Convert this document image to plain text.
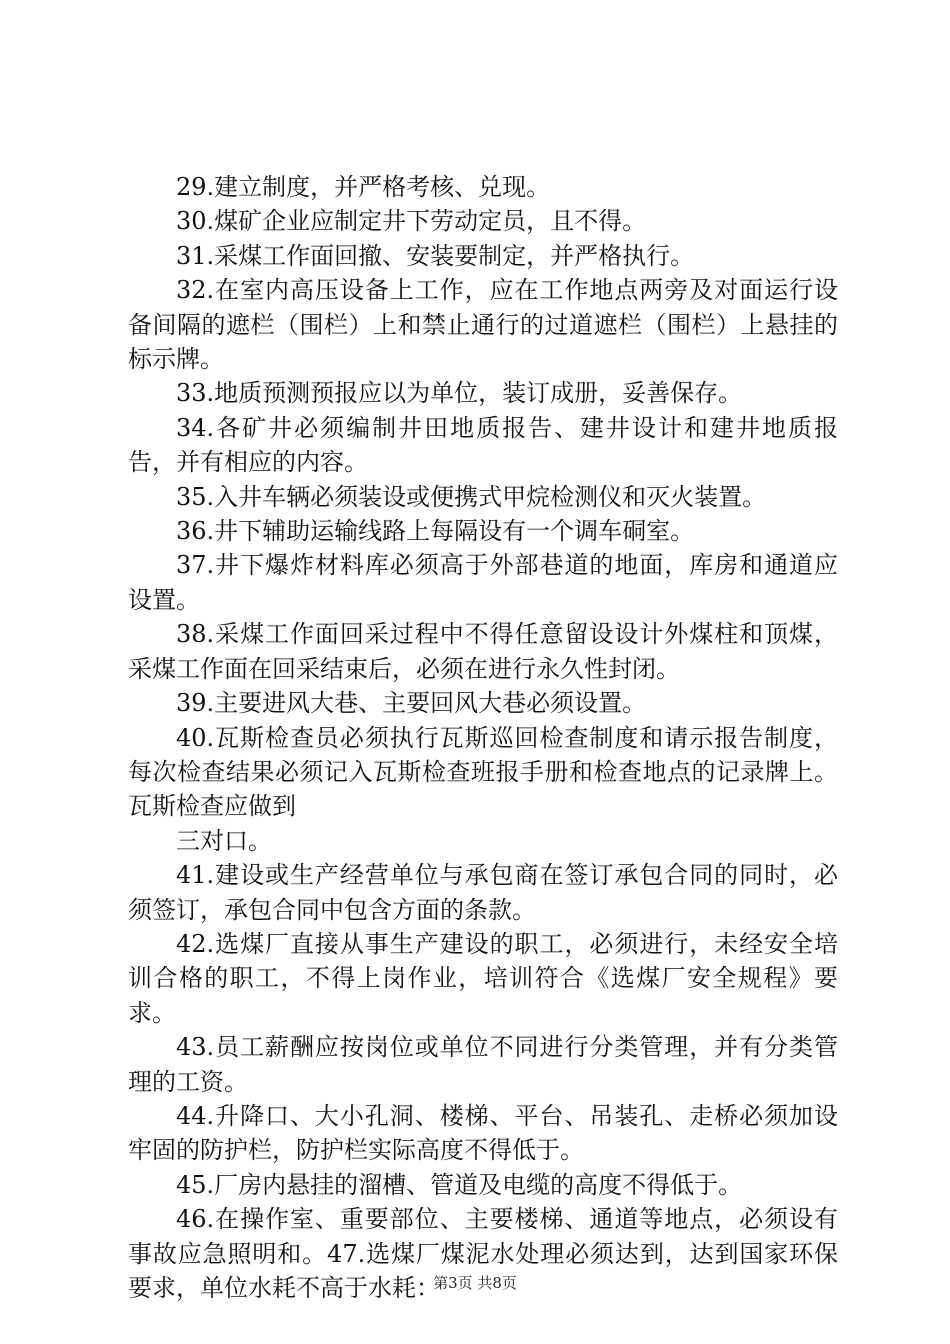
29.建立制度，并严格考核、兑现。

30.煤矿企业应制定井下劳动定员，且不得。

31.采煤工作面回撤、安装要制定，并严格执行。

32.在室内高压设备上工作，应在工作地点两旁及对面运行设备间隔的遮栏（围栏）上和禁止通行的过道遮栏（围栏）上悬挂的标示牌。

33.地质预测预报应以为单位，装订成册，妥善保存。

34.各矿井必须编制井田地质报告、建井设计和建井地质报告，并有相应的内容。

35.入井车辆必须装设或便携式甲烷检测仪和灭火装置。

36.井下辅助运输线路上每隔设有一个调车硐室。

37.井下爆炸材料库必须高于外部巷道的地面，库房和通道应设置。

38.采煤工作面回采过程中不得任意留设设计外煤柱和顶煤，采煤工作面在回采结束后，必须在进行永久性封闭。

39.主要进风大巷、主要回风大巷必须设置。

40.瓦斯检查员必须执行瓦斯巡回检查制度和请示报告制度，每次检查结果必须记入瓦斯检查班报手册和检查地点的记录牌上。瓦斯检查应做到

三对口。

41.建设或生产经营单位与承包商在签订承包合同的同时，必须签订，承包合同中包含方面的条款。

42.选煤厂直接从事生产建设的职工，必须进行，未经安全培训合格的职工，不得上岗作业，培训符合《选煤厂安全规程》要求。

43.员工薪酬应按岗位或单位不同进行分类管理，并有分类管理的工资。

44.升降口、大小孔洞、楼梯、平台、吊装孔、走桥必须加设牢固的防护栏，防护栏实际高度不得低于。

45.厂房内悬挂的溜槽、管道及电缆的高度不得低于。

46.在操作室、重要部位、主要楼梯、通道等地点，必须设有事故应急照明和。47.选煤厂煤泥水处理必须达到，达到国家环保要求，单位水耗不高于水耗：

第3页 共8页
